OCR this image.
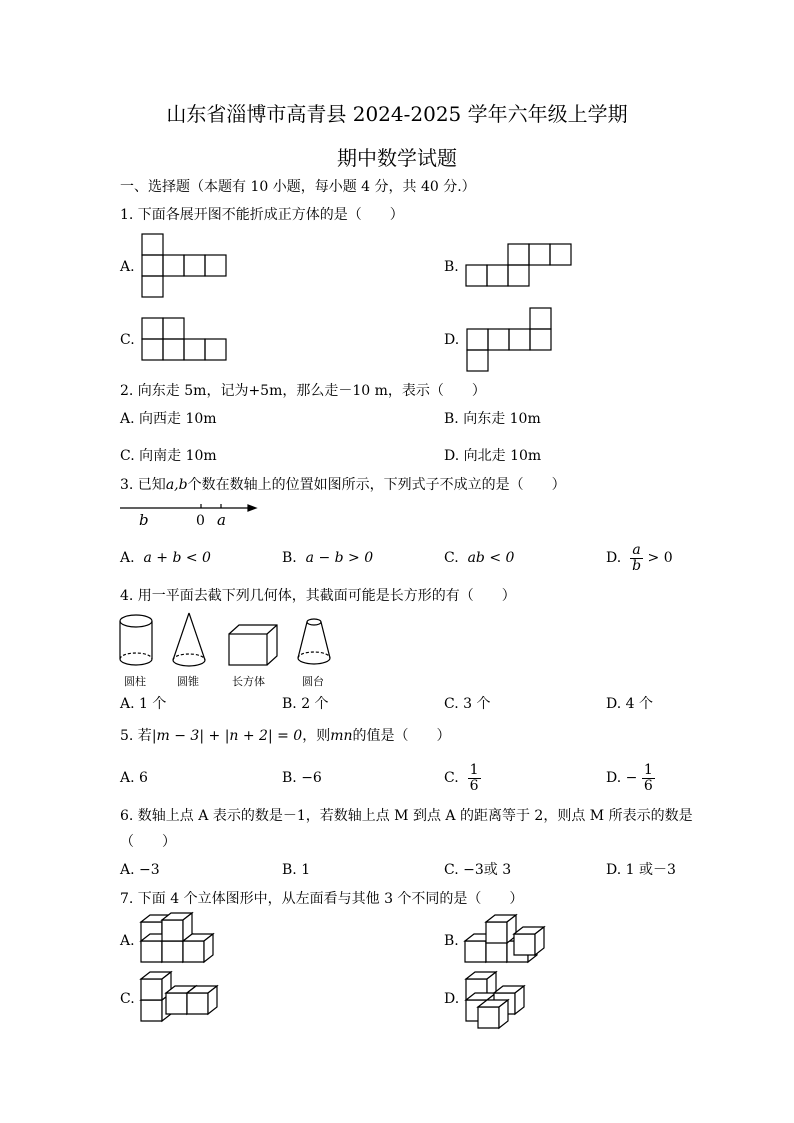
山东省淄博市高青县 2024-2025 学年六年级上学期
期中数学试题
一、选择题（本题有 10 小题，每小题 4 分，共 40 分.）
1. 下面各展开图不能折成正方体的是（　　）
A.	B.
C.	D.
2. 向东走 5m，记为+5m，那么走－10 m，表示（　　）
A. 向西走 10m	B. 向东走 10m
C. 向南走 10m	D. 向北走 10m
3. 已知a,b个数在数轴上的位置如图所示，下列式子不成立的是（　　）
b	0 a
A. a + b < 0	B. a − b > 0	C. ab < 0	D. $\frac{a}{b} > 0$
4. 用一平面去截下列几何体，其截面可能是长方形的有（　　）
圆柱	圆锥	长方体	圆台
A. 1 个	B. 2 个	C. 3 个	D. 4 个
5. 若|m − 3| + |n + 2| = 0，则mn的值是（　　）
A. 6	B. −6	C. $\frac{1}{6}$	D. − $\frac{1}{6}$
6. 数轴上点 A 表示的数是－1，若数轴上点 M 到点 A 的距离等于 2，则点 M 所表示的数是
（　　）
A. −3	B. 1	C. −3或 3	D. 1 或－3
7. 下面 4 个立体图形中，从左面看与其他 3 个不同的是（　　）
A.	B.
C.	D.
